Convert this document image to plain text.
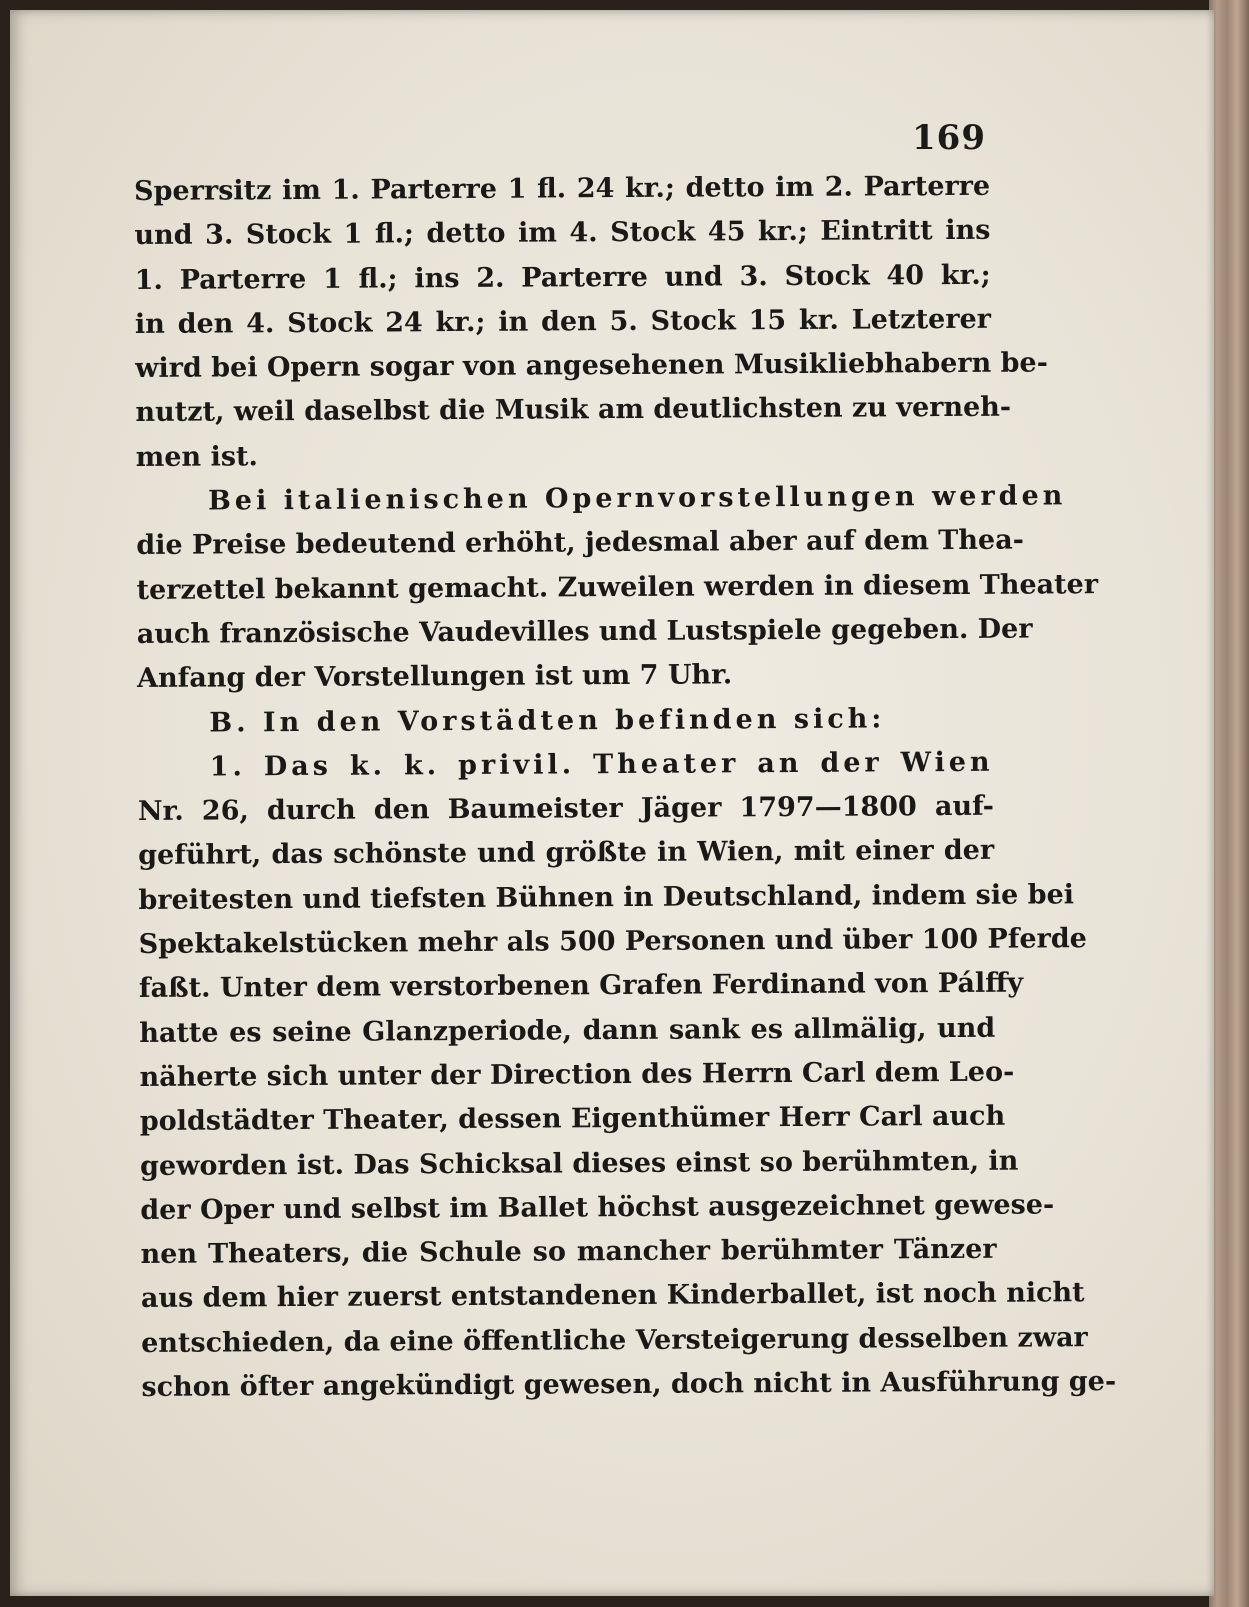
169
Sperrsitz im 1. Parterre 1 fl. 24 kr.; detto im 2. Parterre
und 3. Stock 1 fl.; detto im 4. Stock 45 kr.; Eintritt ins
1. Parterre 1 fl.; ins 2. Parterre und 3. Stock 40 kr.;
in den 4. Stock 24 kr.; in den 5. Stock 15 kr. Letzterer
wird bei Opern sogar von angesehenen Musikliebhabern be-
nutzt, weil daselbst die Musik am deutlichsten zu verneh-
men ist.
Bei italienischen Opernvorstellungen werden
die Preise bedeutend erhöht, jedesmal aber auf dem Thea-
terzettel bekannt gemacht. Zuweilen werden in diesem Theater
auch französische Vaudevilles und Lustspiele gegeben. Der
Anfang der Vorstellungen ist um 7 Uhr.
B. In den Vorstädten befinden sich:
1. Das k. k. privil. Theater an der Wien
Nr. 26, durch den Baumeister Jäger 1797—1800 auf-
geführt, das schönste und größte in Wien, mit einer der
breitesten und tiefsten Bühnen in Deutschland, indem sie bei
Spektakelstücken mehr als 500 Personen und über 100 Pferde
faßt. Unter dem verstorbenen Grafen Ferdinand von Pálffy
hatte es seine Glanzperiode, dann sank es allmälig, und
näherte sich unter der Direction des Herrn Carl dem Leo-
poldstädter Theater, dessen Eigenthümer Herr Carl auch
geworden ist. Das Schicksal dieses einst so berühmten, in
der Oper und selbst im Ballet höchst ausgezeichnet gewese-
nen Theaters, die Schule so mancher berühmter Tänzer
aus dem hier zuerst entstandenen Kinderballet, ist noch nicht
entschieden, da eine öffentliche Versteigerung desselben zwar
schon öfter angekündigt gewesen, doch nicht in Ausführung ge-
